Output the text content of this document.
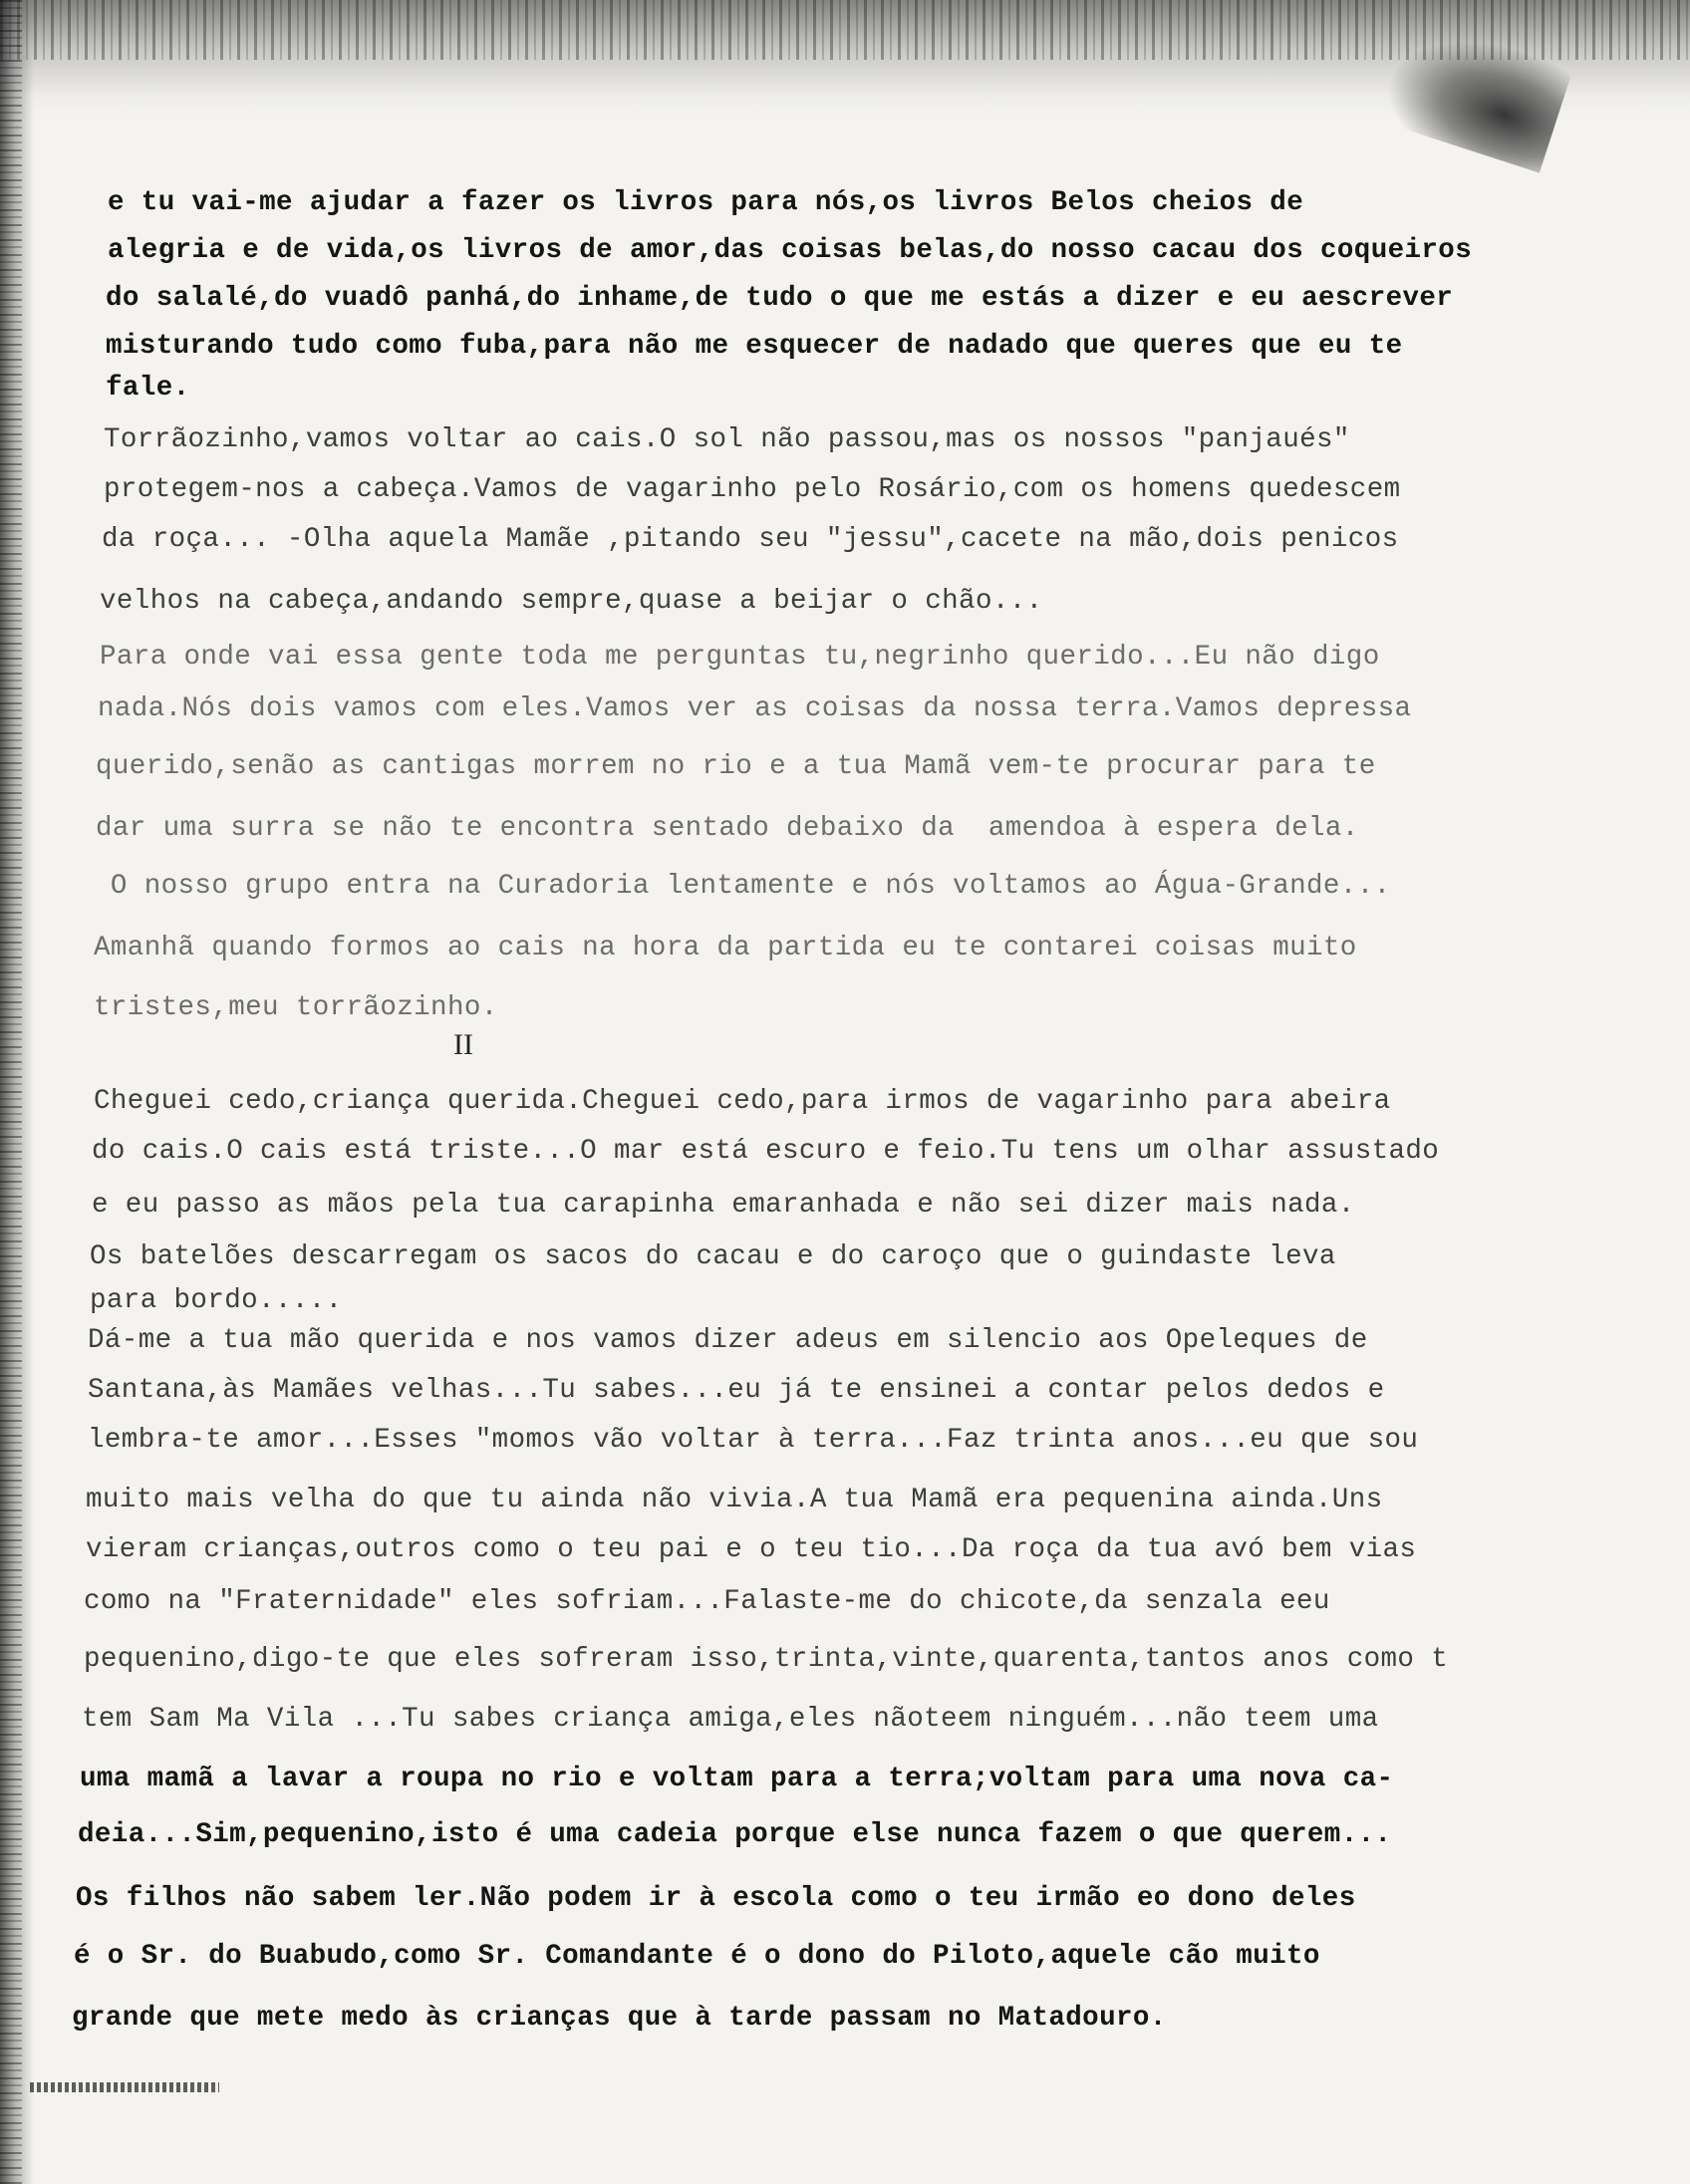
e tu vai-me ajudar a fazer os livros para nós,os livros Belos cheios de
alegria e de vida,os livros de amor,das coisas belas,do nosso cacau dos coqueiros
do salalé,do vuadô panhá,do inhame,de tudo o que me estás a dizer e eu aescrever
misturando tudo como fuba,para não me esquecer de nadado que queres que eu te
fale.
Torrãozinho,vamos voltar ao cais.O sol não passou,mas os nossos "panjaués"
protegem-nos a cabeça.Vamos de vagarinho pelo Rosário,com os homens quedescem
da roça... -Olha aquela Mamãe ,pitando seu "jessu",cacete na mão,dois penicos
velhos na cabeça,andando sempre,quase a beijar o chão...
Para onde vai essa gente toda me perguntas tu,negrinho querido...Eu não digo
nada.Nós dois vamos com eles.Vamos ver as coisas da nossa terra.Vamos depressa
querido,senão as cantigas morrem no rio e a tua Mamã vem-te procurar para te
dar uma surra se não te encontra sentado debaixo da  amendoa à espera dela.
O nosso grupo entra na Curadoria lentamente e nós voltamos ao Água-Grande...
Amanhã quando formos ao cais na hora da partida eu te contarei coisas muito
tristes,meu torrãozinho.
II
Cheguei cedo,criança querida.Cheguei cedo,para irmos de vagarinho para abeira
do cais.O cais está triste...O mar está escuro e feio.Tu tens um olhar assustado
e eu passo as mãos pela tua carapinha emaranhada e não sei dizer mais nada.
Os batelões descarregam os sacos do cacau e do caroço que o guindaste leva
para bordo.....
Dá-me a tua mão querida e nos vamos dizer adeus em silencio aos Opeleques de
Santana,às Mamães velhas...Tu sabes...eu já te ensinei a contar pelos dedos e
lembra-te amor...Esses "momos vão voltar à terra...Faz trinta anos...eu que sou
muito mais velha do que tu ainda não vivia.A tua Mamã era pequenina ainda.Uns
vieram crianças,outros como o teu pai e o teu tio...Da roça da tua avó bem vias
como na "Fraternidade" eles sofriam...Falaste-me do chicote,da senzala eeu
pequenino,digo-te que eles sofreram isso,trinta,vinte,quarenta,tantos anos como t
tem Sam Ma Vila ...Tu sabes criança amiga,eles nãoteem ninguém...não teem uma
uma mamã a lavar a roupa no rio e voltam para a terra;voltam para uma nova ca-
deia...Sim,pequenino,isto é uma cadeia porque else nunca fazem o que querem...
Os filhos não sabem ler.Não podem ir à escola como o teu irmão eo dono deles
é o Sr. do Buabudo,como Sr. Comandante é o dono do Piloto,aquele cão muito
grande que mete medo às crianças que à tarde passam no Matadouro.
